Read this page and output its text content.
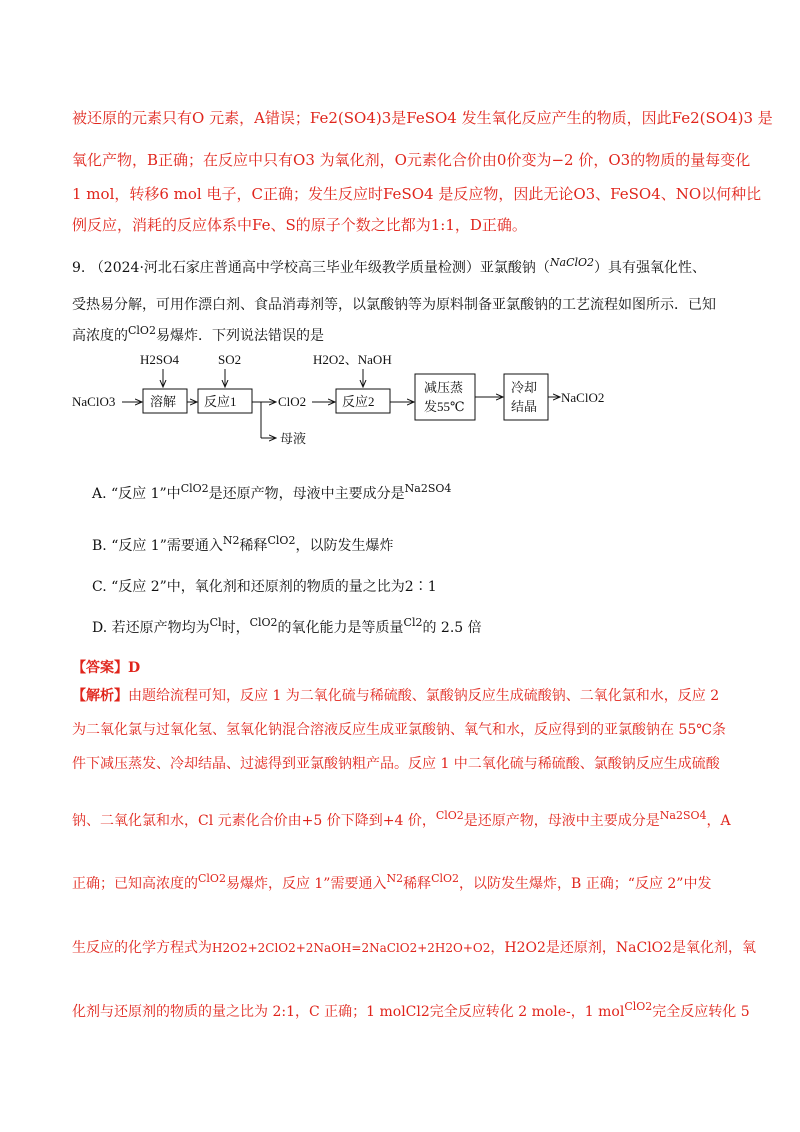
被还原的元素只有O 元素，A错误；Fe2(SO4)3是FeSO4 发生氧化反应产生的物质，因此Fe2(SO4)3 是
氧化产物，B正确；在反应中只有O3 为氧化剂，O元素化合价由0价变为−2 价，O3的物质的量每变化
1 mol，转移6 mol 电子，C正确；发生反应时FeSO4 是反应物，因此无论O3、FeSO4、NO以何种比
例反应，消耗的反应体系中Fe、S的原子个数之比都为1:1，D正确。
9. （2024·河北石家庄普通高中学校高三毕业年级教学质量检测）亚氯酸钠（$^{NaClO2}$）具有强氧化性、
受热易分解，可用作漂白剂、食品消毒剂等，以氯酸钠等为原料制备亚氯酸钠的工艺流程如图所示．已知
高浓度的$^{ClO2}$易爆炸．下列说法错误的是
NaClO3	溶解
H2SO4
反应1
SO2
母液
ClO2	反应2
H2O2、NaOH
减压蒸
发55℃
冷却
结晶
NaClO2
A. “反应 1”中$^{ClO2}$是还原产物，母液中主要成分是$^{Na2SO4}$
B. “反应 1”需要通入$^{N2}$稀释$^{ClO2}$，以防发生爆炸
C. “反应 2”中，氧化剂和还原剂的物质的量之比为2∶1
D. 若还原产物均为$^{Cl}$时，$^{ClO2}$的氧化能力是等质量$^{Cl2}$的 2.5 倍
【答案】D
【解析】由题给流程可知，反应 1 为二氧化硫与稀硫酸、氯酸钠反应生成硫酸钠、二氧化氯和水，反应 2
为二氧化氯与过氧化氢、氢氧化钠混合溶液反应生成亚氯酸钠、氧气和水，反应得到的亚氯酸钠在 55℃条
件下减压蒸发、冷却结晶、过滤得到亚氯酸钠粗产品。反应 1 中二氧化硫与稀硫酸、氯酸钠反应生成硫酸
钠、二氧化氯和水，Cl 元素化合价由+5 价下降到+4 价，$^{ClO2}$是还原产物，母液中主要成分是$^{Na2SO4}$，A
正确；已知高浓度的$^{ClO2}$易爆炸，反应 1”需要通入$^{N2}$稀释$^{ClO2}$，以防发生爆炸，B 正确；“反应 2”中发
生反应的化学方程式为H2O2+2ClO2+2NaOH=2NaClO2+2H2O+O2，H2O2是还原剂，NaClO2是氧化剂，氧
化剂与还原剂的物质的量之比为 2:1，C 正确；1 molCl2完全反应转化 2 mole-，1 mol$^{ClO2}$完全反应转化 5
